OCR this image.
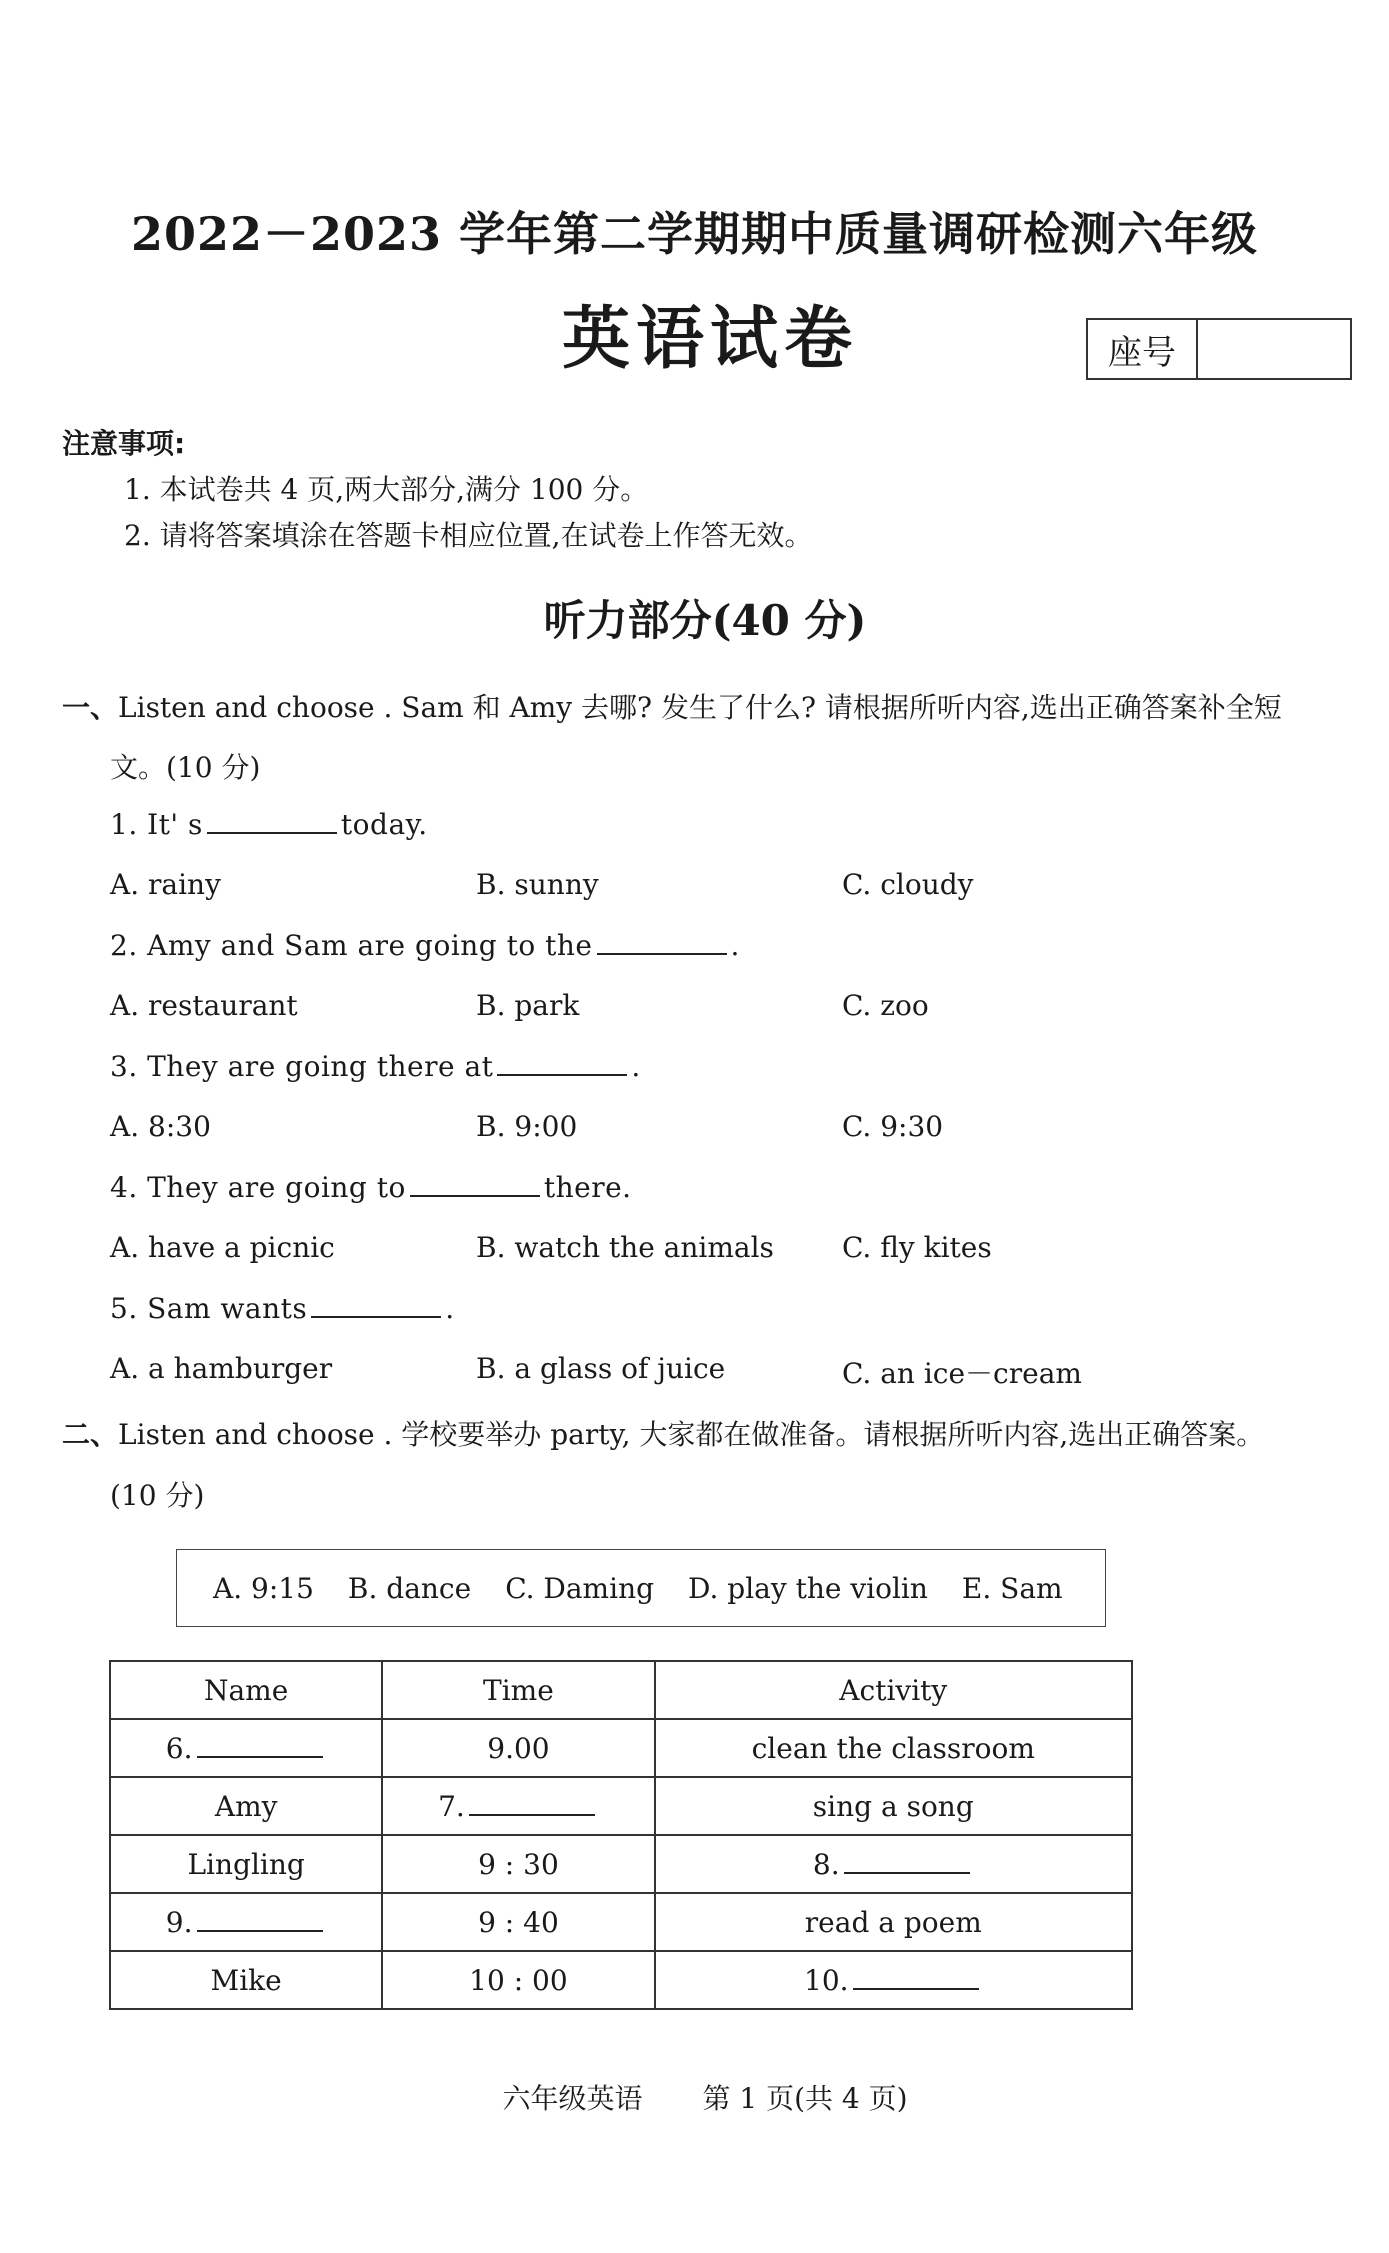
2022－2023 学年第二学期期中质量调研检测六年级
英语试卷	座号
注意事项:
1. 本试卷共 4 页,两大部分,满分 100 分。
2. 请将答案填涂在答题卡相应位置,在试卷上作答无效。
听力部分(40 分)
一、Listen and choose . Sam 和 Amy 去哪? 发生了什么? 请根据所听内容,选出正确答案补全短
文。(10 分)
1. It' s	today.
A. rainy	B. sunny	C. cloudy
2. Amy and Sam are going to the	.
A. restaurant	B. park	C. zoo
3. They are going there at	.
A. 8:30	B. 9:00	C. 9:30
4. They are going to	there.
A. have a picnic	B. watch the animals C. fly kites
5. Sam wants	.
A. a hamburger	B. a glass of juice	C. an ice－cream
二、Listen and choose . 学校要举办 party, 大家都在做准备。请根据所听内容,选出正确答案。
(10 分)
A. 9:15 B. dance C. Daming D. play the violin E. Sam
Name	Time	Activity
6.	9.00	clean the classroom
Amy	7.	sing a song
Lingling	9 : 30	8.
9.	9 : 40	read a poem
Mike	10 : 00	10.
六年级英语 第 1 页(共 4 页)
